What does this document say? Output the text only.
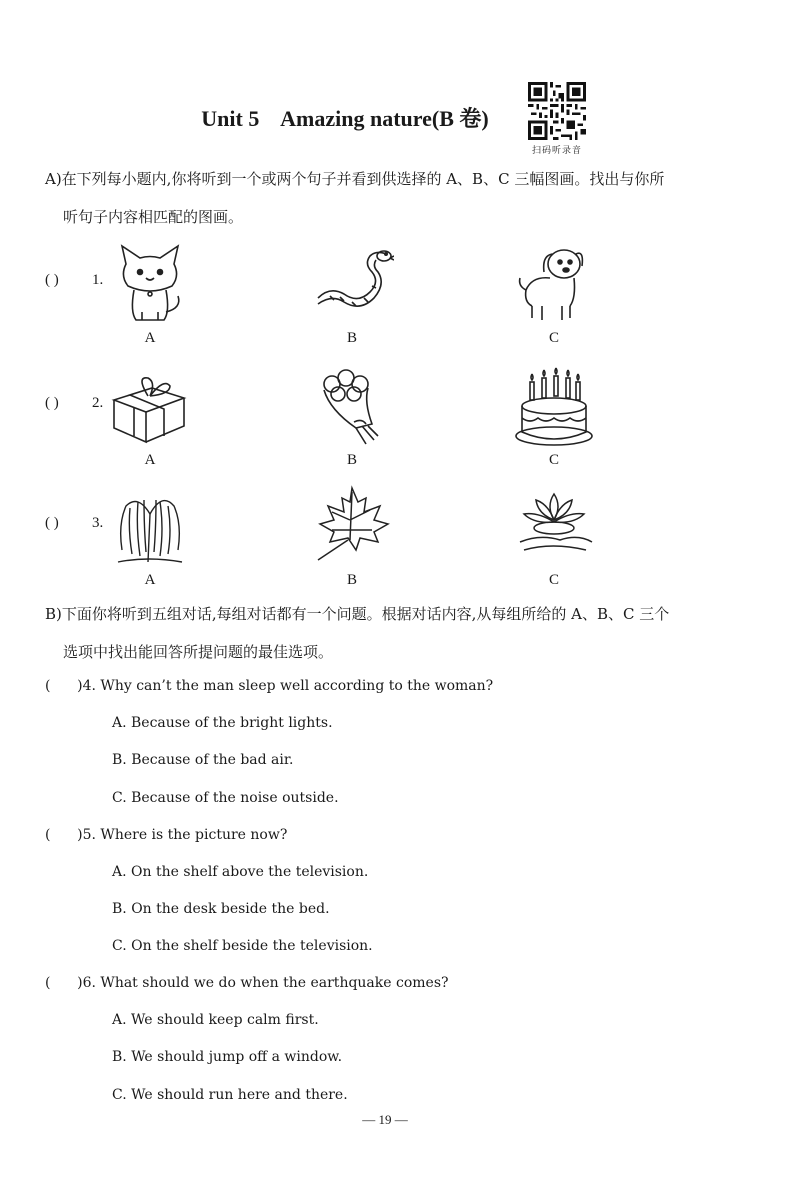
Unit 5    Amazing nature(B 卷)
扫码听录音
A)在下列每小题内,你将听到一个或两个句子并看到供选择的 A、B、C 三幅图画。找出与你所
听句子内容相匹配的图画。
( ) 1.
A	B	C
( ) 2.
A	B	C
( ) 3.
A	B	C
B)下面你将听到五组对话,每组对话都有一个问题。根据对话内容,从每组所给的 A、B、C 三个
选项中找出能回答所提问题的最佳选项。
(      )4. Why can’t the man sleep well according to the woman?
A. Because of the bright lights.
B. Because of the bad air.
C. Because of the noise outside.
(      )5. Where is the picture now?
A. On the shelf above the television.
B. On the desk beside the bed.
C. On the shelf beside the television.
(      )6. What should we do when the earthquake comes?
A. We should keep calm first.
B. We should jump off a window.
C. We should run here and there.
— 19 —
